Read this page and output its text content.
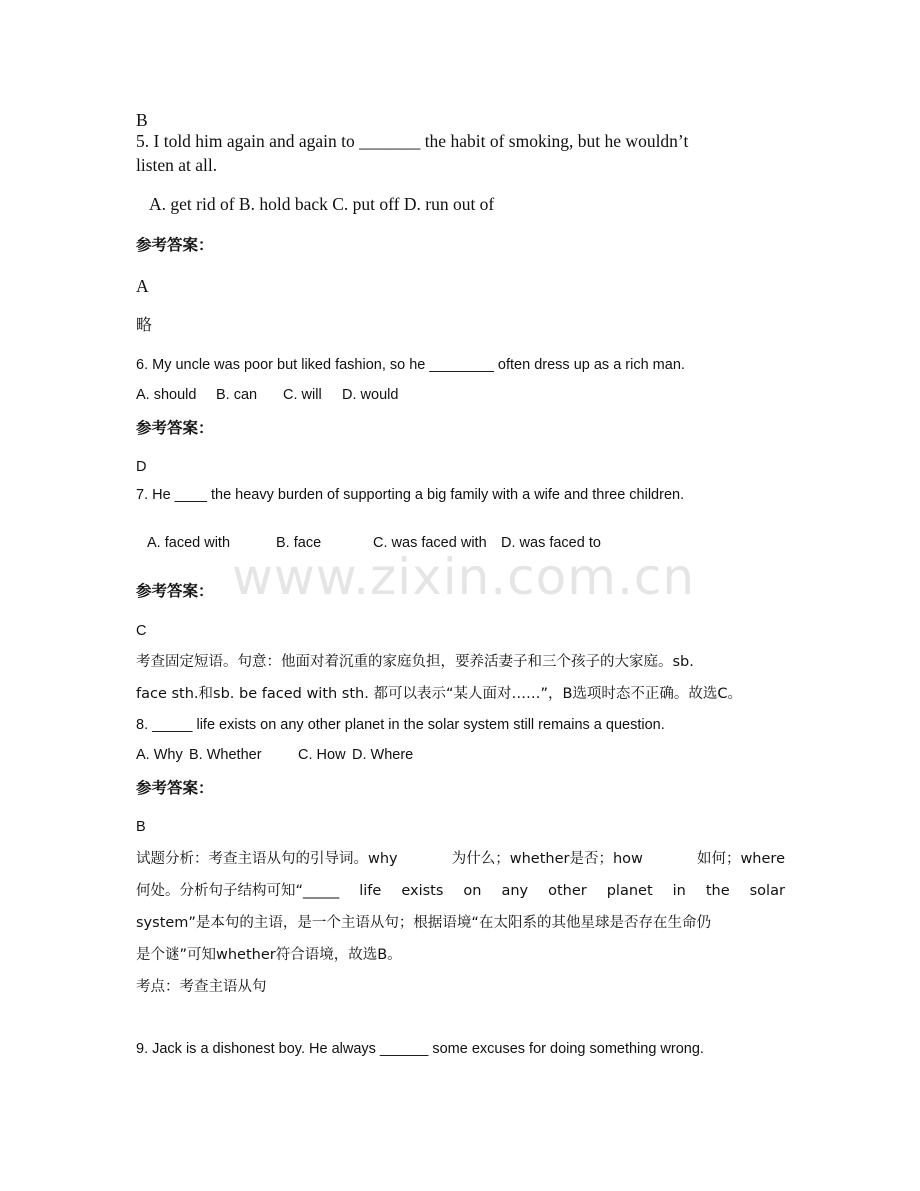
B
5. I told him again and again to _______ the habit of smoking, but he wouldn’t
listen at all.
A. get rid of B. hold back C. put off D. run out of
参考答案：
A
略
6. My uncle was poor but liked fashion, so he ________ often dress up as a rich man.
A. should B. can C. will D. would
参考答案：
D
7. He ____ the heavy burden of supporting a big family with a wife and three children.
A. faced with	B. face	C. was faced with D. was faced to
参考答案：
C
考查固定短语。句意：他面对着沉重的家庭负担，要养活妻子和三个孩子的大家庭。sb.
face sth.和sb. be faced with sth. 都可以表示“某人面对……”，B选项时态不正确。故选C。
8. _____ life exists on any other planet in the solar system still remains a question.
A. Why B. Whether	C. How D. Where
参考答案：
B
试题分析：考查主语从句的引导词。why	为什么；whether是否；how	如何；where
何处。分析句子结构可知“_____ life exists on any other planet in the solar
system”是本句的主语，是一个主语从句；根据语境“在太阳系的其他星球是否存在生命仍
是个谜”可知whether符合语境，故选B。
考点：考查主语从句
9. Jack is a dishonest boy. He always ______ some excuses for doing something wrong.
www.zixin.com.cn
